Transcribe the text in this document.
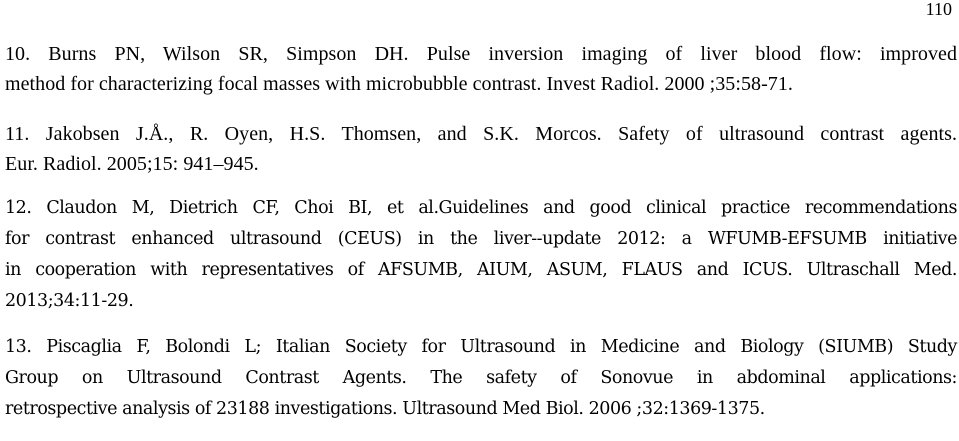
110
10. Burns PN, Wilson SR, Simpson DH. Pulse inversion imaging of liver blood flow: improved
method for characterizing focal masses with microbubble contrast. Invest Radiol. 2000 ;35:58-71.
11. Jakobsen J.Å., R. Oyen, H.S. Thomsen, and S.K. Morcos. Safety of ultrasound contrast agents.
Eur. Radiol. 2005;15: 941–945.
12. Claudon M, Dietrich CF, Choi BI, et al.Guidelines and good clinical practice recommendations
for contrast enhanced ultrasound (CEUS) in the liver--update 2012: a WFUMB-EFSUMB initiative
in cooperation with representatives of AFSUMB, AIUM, ASUM, FLAUS and ICUS. Ultraschall Med.
2013;34:11-29.
13. Piscaglia F, Bolondi L; Italian Society for Ultrasound in Medicine and Biology (SIUMB) Study
Group on Ultrasound Contrast Agents. The safety of Sonovue in abdominal applications:
retrospective analysis of 23188 investigations. Ultrasound Med Biol. 2006 ;32:1369-1375.
